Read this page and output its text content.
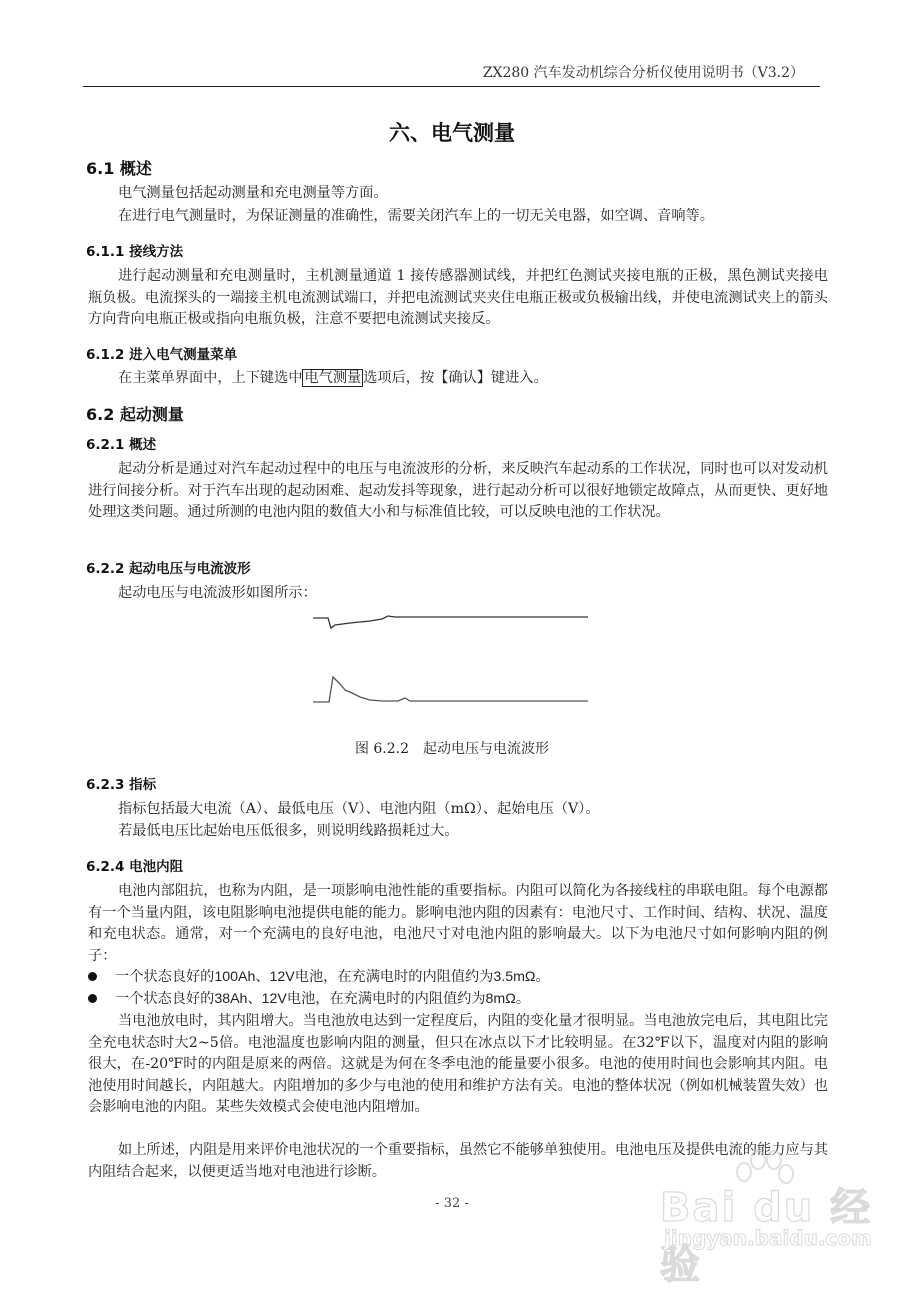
ZX280 汽车发动机综合分析仪使用说明书（V3.2）
六、电气测量
6.1 概述
电气测量包括起动测量和充电测量等方面。
在进行电气测量时，为保证测量的准确性，需要关闭汽车上的一切无关电器，如空调、音响等。
6.1.1 接线方法
进行起动测量和充电测量时，主机测量通道 1 接传感器测试线，并把红色测试夹接电瓶的正极，黑色测试夹接电瓶负极。电流探头的一端接主机电流测试端口，并把电流测试夹夹住电瓶正极或负极输出线，并使电流测试夹上的箭头方向背向电瓶正极或指向电瓶负极，注意不要把电流测试夹接反。
6.1.2 进入电气测量菜单
在主菜单界面中，上下键选中 电气测量 选项后，按【确认】键进入。
6.2 起动测量
6.2.1 概述
起动分析是通过对汽车起动过程中的电压与电流波形的分析，来反映汽车起动系的工作状况，同时也可以对发动机进行间接分析。对于汽车出现的起动困难、起动发抖等现象，进行起动分析可以很好地锁定故障点，从而更快、更好地处理这类问题。通过所测的电池内阻的数值大小和与标准值比较，可以反映电池的工作状况。
6.2.2 起动电压与电流波形
起动电压与电流波形如图所示：
图 6.2.2　起动电压与电流波形
6.2.3 指标
指标包括最大电流（A）、最低电压（V）、电池内阻（mΩ）、起始电压（V）。
若最低电压比起始电压低很多，则说明线路损耗过大。
6.2.4 电池内阻
电池内部阻抗，也称为内阻，是一项影响电池性能的重要指标。内阻可以简化为各接线柱的串联电阻。每个电源都有一个当量内阻，该电阻影响电池提供电能的能力。影响电池内阻的因素有：电池尺寸、工作时间、结构、状况、温度和充电状态。通常，对一个充满电的良好电池，电池尺寸对电池内阻的影响最大。以下为电池尺寸如何影响内阻的例子：
一个状态良好的100Ah、12V电池，在充满电时的内阻值约为3.5mΩ。
一个状态良好的38Ah、12V电池，在充满电时的内阻值约为8mΩ。
当电池放电时，其内阻增大。当电池放电达到一定程度后，内阻的变化量才很明显。当电池放完电后，其电阻比完全充电状态时大2~5倍。电池温度也影响内阻的测量，但只在冰点以下才比较明显。在32℉以下，温度对内阻的影响很大，在-20℉时的内阻是原来的两倍。这就是为何在冬季电池的能量要小很多。电池的使用时间也会影响其内阻。电池使用时间越长，内阻越大。内阻增加的多少与电池的使用和维护方法有关。电池的整体状况（例如机械装置失效）也会影响电池的内阻。某些失效模式会使电池内阻增加。
如上所述，内阻是用来评价电池状况的一个重要指标，虽然它不能够单独使用。电池电压及提供电流的能力应与其内阻结合起来，以便更适当地对电池进行诊断。
- 32 -	Bai du 经验
jingyan.baidu.com
